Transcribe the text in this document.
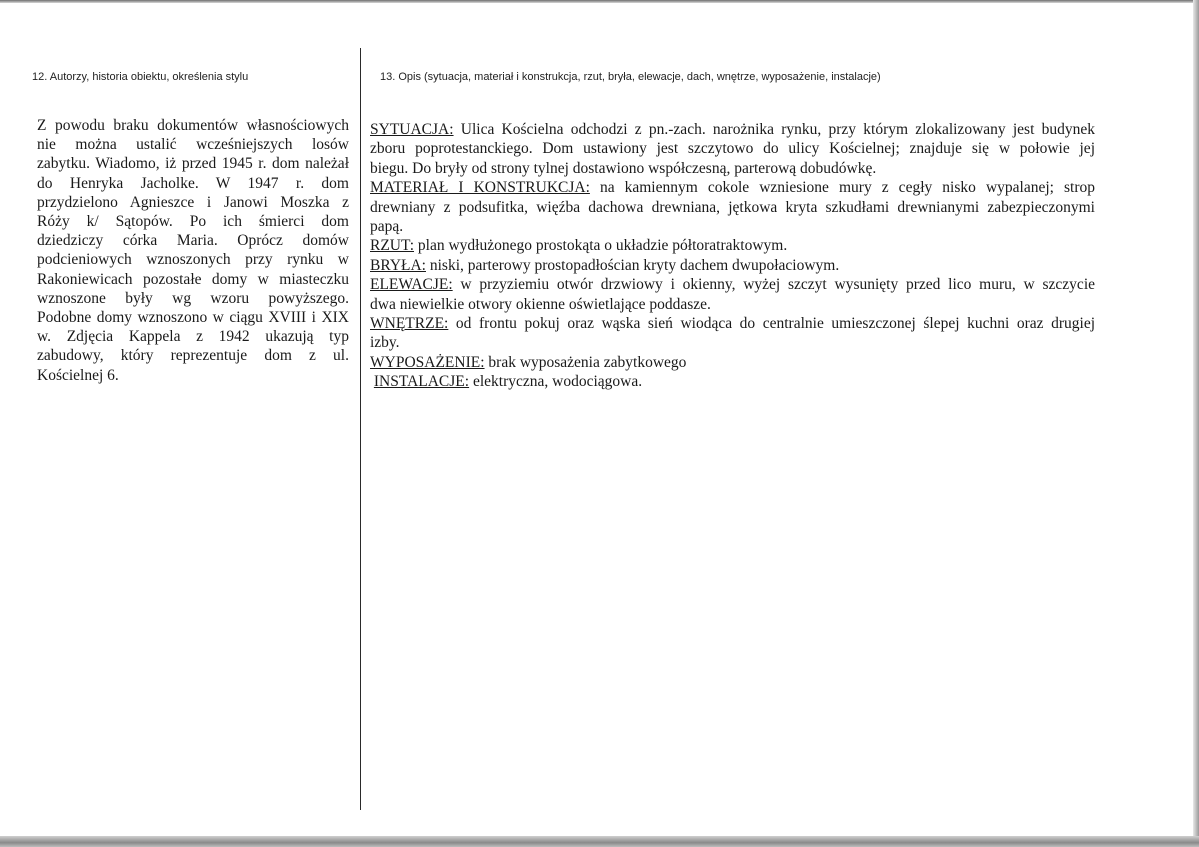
12. Autorzy, historia obiektu, określenia stylu	13. Opis (sytuacja, materiał i konstrukcja, rzut, bryła, elewacje, dach, wnętrze, wyposażenie, instalacje)
Z powodu braku dokumentów własnościowych
nie można ustalić wcześniejszych losów
zabytku. Wiadomo, iż przed 1945 r. dom należał
do Henryka Jacholke. W 1947 r. dom
przydzielono Agnieszce i Janowi Moszka z
Róży k/ Sątopów. Po ich śmierci dom
dziedziczy córka Maria. Oprócz domów
podcieniowych wznoszonych przy rynku w
Rakoniewicach pozostałe domy w miasteczku
wznoszone były wg wzoru powyższego.
Podobne domy wznoszono w ciągu XVIII i XIX
w. Zdjęcia Kappela z 1942 ukazują typ
zabudowy, który reprezentuje dom z ul.
Kościelnej 6.
SYTUACJA: Ulica Kościelna odchodzi z pn.-zach. narożnika rynku, przy którym zlokalizowany jest budynek
zboru poprotestanckiego. Dom ustawiony jest szczytowo do ulicy Kościelnej; znajduje się w połowie jej
biegu. Do bryły od strony tylnej dostawiono współczesną, parterową dobudówkę.
MATERIAŁ I KONSTRUKCJA: na kamiennym cokole wzniesione mury z cegły nisko wypalanej; strop
drewniany z podsufitka, więźba dachowa drewniana, jętkowa kryta szkudłami drewnianymi zabezpieczonymi
papą.
RZUT: plan wydłużonego prostokąta o układzie półtoratraktowym.
BRYŁA: niski, parterowy prostopadłościan kryty dachem dwupołaciowym.
ELEWACJE: w przyziemiu otwór drzwiowy i okienny, wyżej szczyt wysunięty przed lico muru, w szczycie
dwa niewielkie otwory okienne oświetlające poddasze.
WNĘTRZE: od frontu pokuj oraz wąska sień wiodąca do centralnie umieszczonej ślepej kuchni oraz drugiej
izby.
WYPOSAŻENIE: brak wyposażenia zabytkowego
INSTALACJE: elektryczna, wodociągowa.
